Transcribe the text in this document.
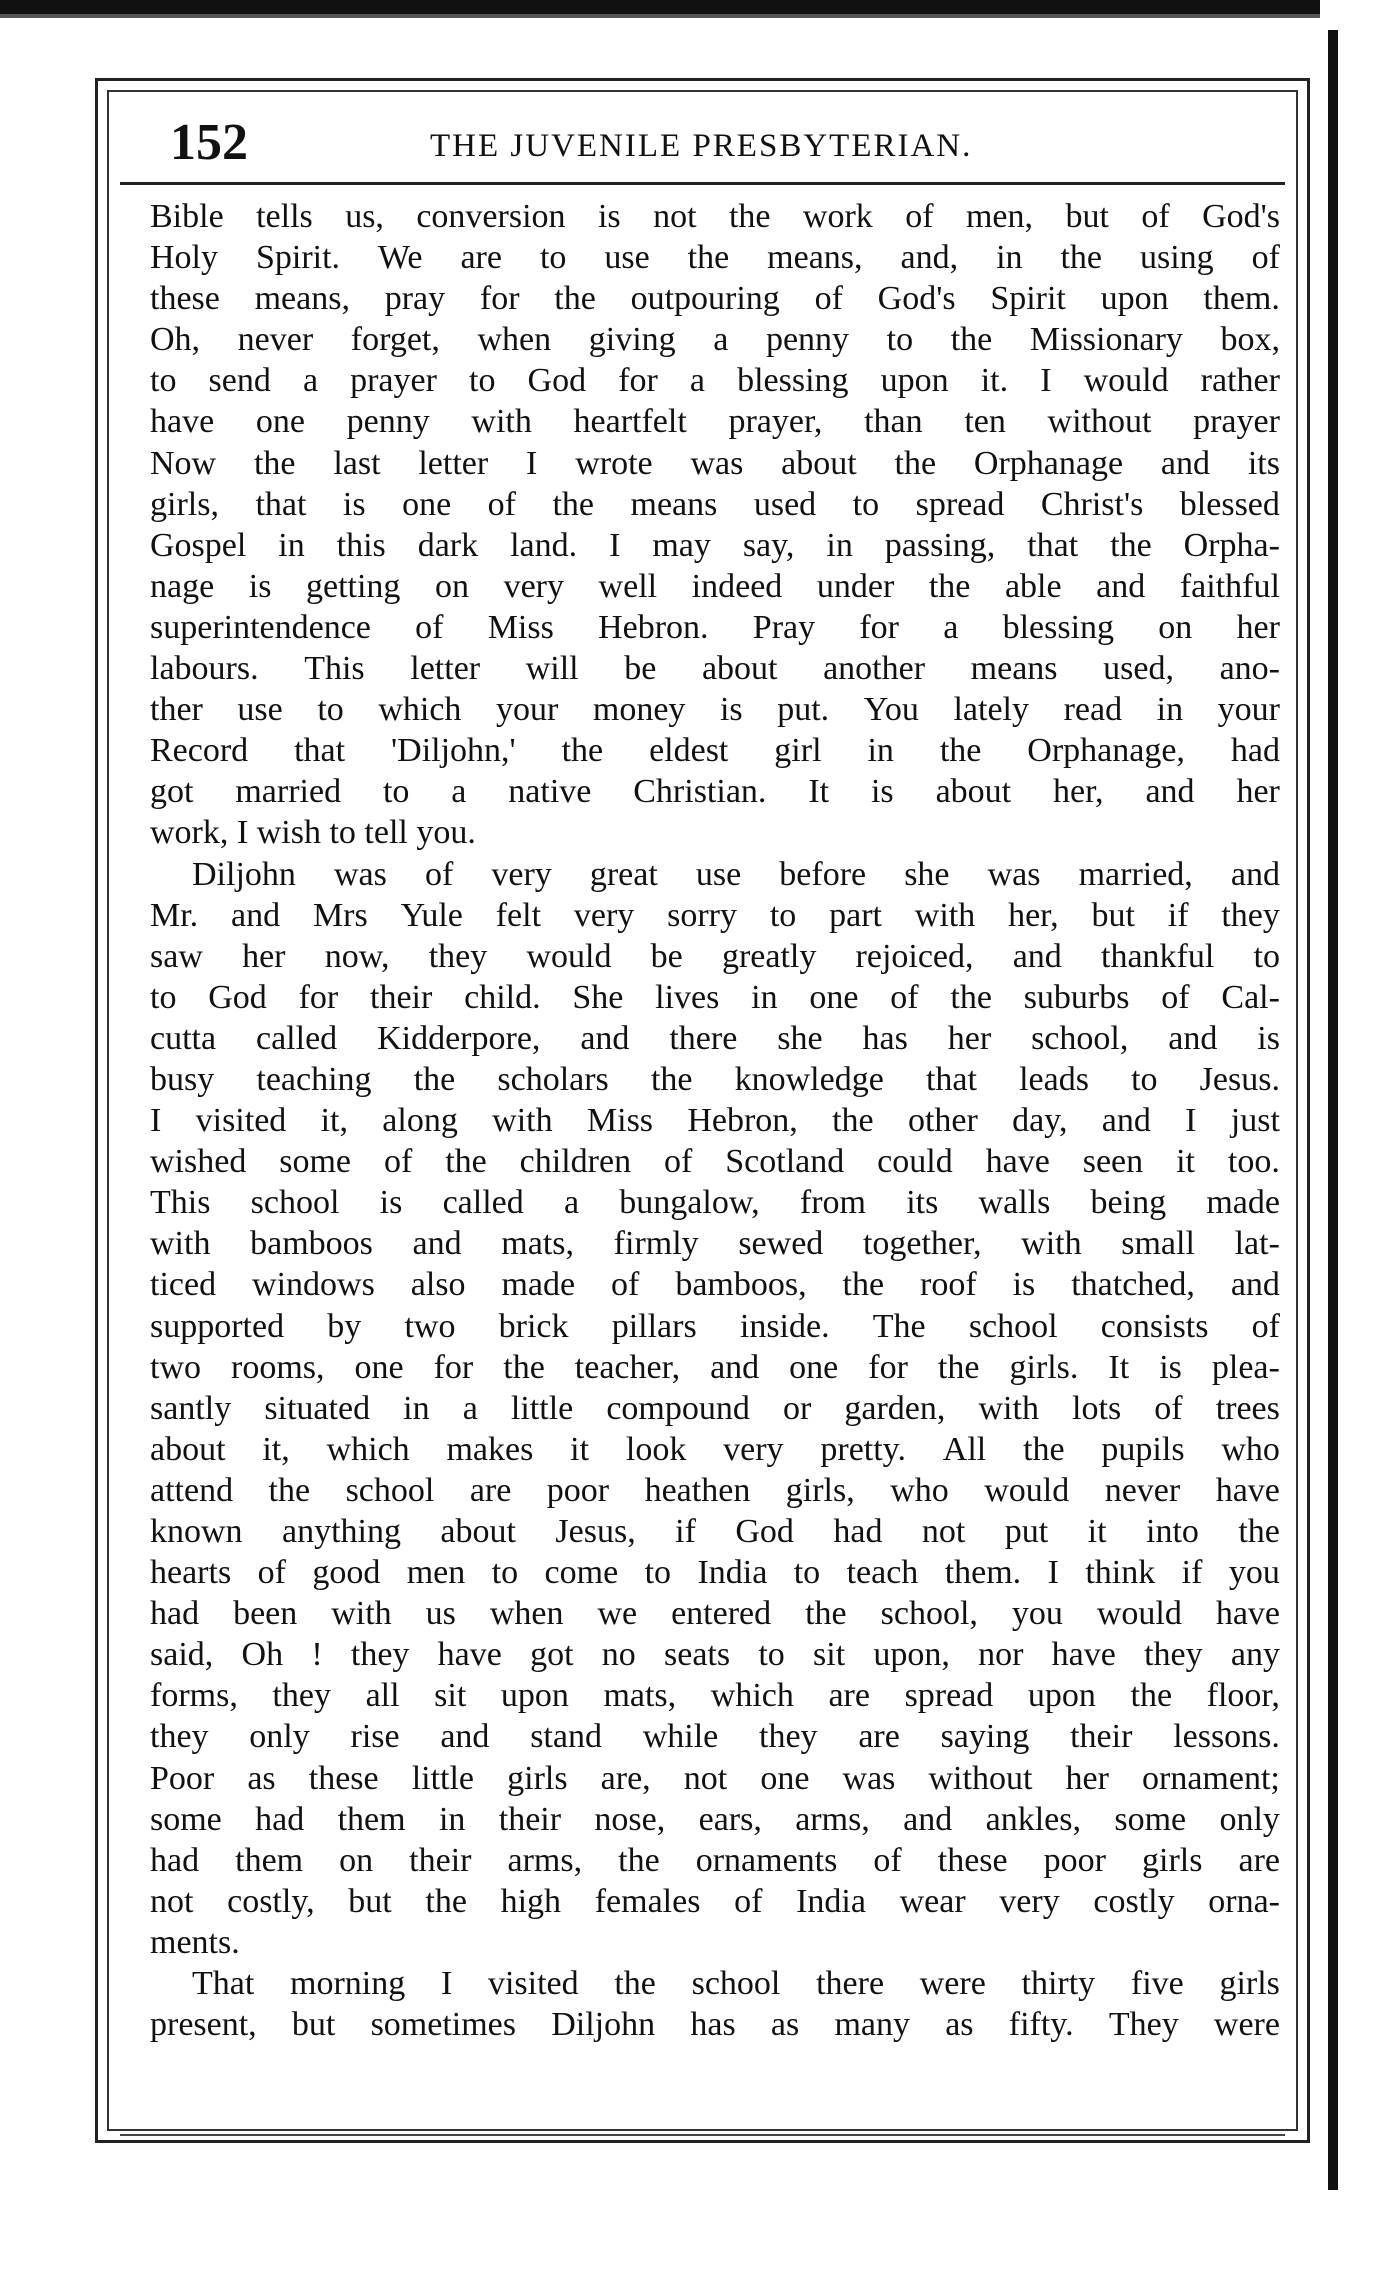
152	THE JUVENILE PRESBYTERIAN.
Bible tells us, conversion is not the work of men, but of God's
Holy Spirit. We are to use the means, and, in the using of
these means, pray for the outpouring of God's Spirit upon them.
Oh, never forget, when giving a penny to the Missionary box,
to send a prayer to God for a blessing upon it. I would rather
have one penny with heartfelt prayer, than ten without prayer
Now the last letter I wrote was about the Orphanage and its
girls, that is one of the means used to spread Christ's blessed
Gospel in this dark land. I may say, in passing, that the Orpha-
nage is getting on very well indeed under the able and faithful
superintendence of Miss Hebron. Pray for a blessing on her
labours. This letter will be about another means used, ano-
ther use to which your money is put. You lately read in your
Record that 'Diljohn,' the eldest girl in the Orphanage, had
got married to a native Christian. It is about her, and her
work, I wish to tell you.
Diljohn was of very great use before she was married, and
Mr. and Mrs Yule felt very sorry to part with her, but if they
saw her now, they would be greatly rejoiced, and thankful to
to God for their child. She lives in one of the suburbs of Cal-
cutta called Kidderpore, and there she has her school, and is
busy teaching the scholars the knowledge that leads to Jesus.
I visited it, along with Miss Hebron, the other day, and I just
wished some of the children of Scotland could have seen it too.
This school is called a bungalow, from its walls being made
with bamboos and mats, firmly sewed together, with small lat-
ticed windows also made of bamboos, the roof is thatched, and
supported by two brick pillars inside. The school consists of
two rooms, one for the teacher, and one for the girls. It is plea-
santly situated in a little compound or garden, with lots of trees
about it, which makes it look very pretty. All the pupils who
attend the school are poor heathen girls, who would never have
known anything about Jesus, if God had not put it into the
hearts of good men to come to India to teach them. I think if you
had been with us when we entered the school, you would have
said, Oh ! they have got no seats to sit upon, nor have they any
forms, they all sit upon mats, which are spread upon the floor,
they only rise and stand while they are saying their lessons.
Poor as these little girls are, not one was without her ornament;
some had them in their nose, ears, arms, and ankles, some only
had them on their arms, the ornaments of these poor girls are
not costly, but the high females of India wear very costly orna-
ments.
That morning I visited the school there were thirty five girls
present, but sometimes Diljohn has as many as fifty. They were
